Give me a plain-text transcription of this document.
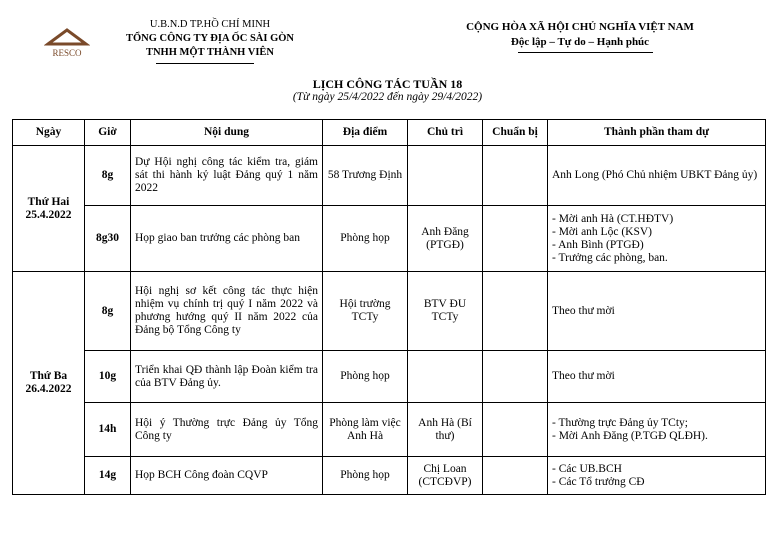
RESCO
U.B.N.D TP.HỒ CHÍ MINH
TỔNG CÔNG TY ĐỊA ỐC SÀI GÒN
TNHH MỘT THÀNH VIÊN
CỘNG HÒA XÃ HỘI CHỦ NGHĨA VIỆT NAM
Độc lập – Tự do – Hạnh phúc
LỊCH CÔNG TÁC TUẦN 18
(Từ ngày 25/4/2022 đến ngày 29/4/2022)
Ngày	Giờ	Nội dung	Địa điểm	Chủ trì	Chuẩn bị	Thành phần tham dự

Thứ Hai
25.4.2022	8g	Dự Hội nghị công tác kiểm tra, giám sát thi hành kỷ luật Đảng quý 1 năm 2022	58 Trương Định			Anh Long (Phó Chủ nhiệm UBKT Đảng ủy)

	8g30	Họp giao ban trưởng các phòng ban	Phòng họp	Anh Đăng (PTGĐ)		- Mời anh Hà (CT.HĐTV)
- Mời anh Lộc (KSV)
- Anh Bình (PTGĐ)
- Trưởng các phòng, ban.

Thứ Ba
26.4.2022	8g	Hội nghị sơ kết công tác thực hiện nhiệm vụ chính trị quý I năm 2022 và phương hướng quý II năm 2022 của Đảng bộ Tổng Công ty	Hội trường TCTy	BTV ĐU TCTy		Theo thư mời

	10g	Triển khai QĐ thành lập Đoàn kiểm tra của BTV Đảng ủy.	Phòng họp			Theo thư mời

	14h	Hội ý Thường trực Đảng ủy Tổng Công ty	Phòng làm việc Anh Hà	Anh Hà (Bí thư)		- Thường trực Đảng ủy TCty;
- Mời Anh Đăng (P.TGĐ QLĐH).

	14g	Họp BCH Công đoàn CQVP	Phòng họp	Chị Loan (CTCĐVP)		- Các UB.BCH
- Các Tổ trưởng CĐ
